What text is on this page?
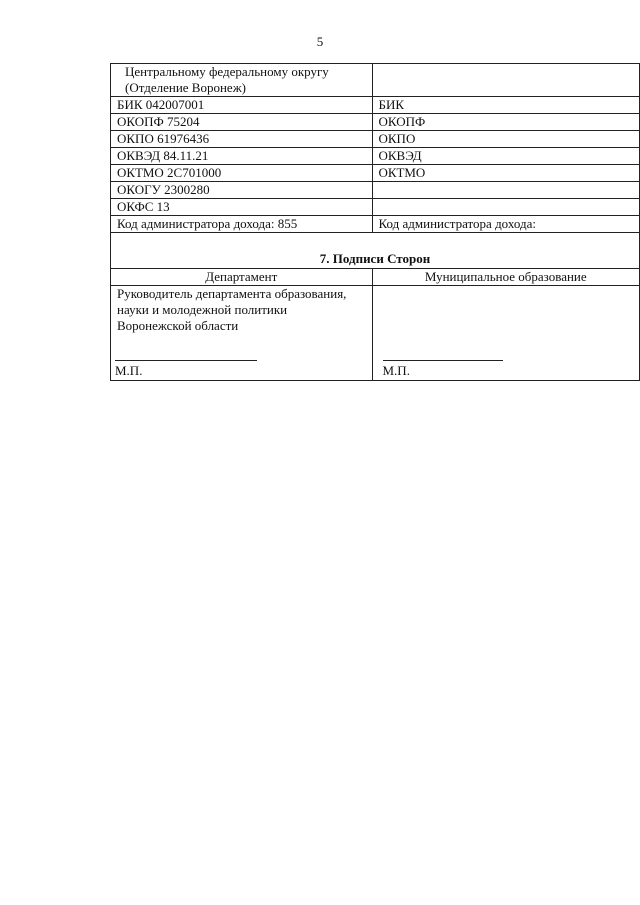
5
Центральному федеральному округу
(Отделение Воронеж)	
БИК 042007001	БИК
ОКОПФ 75204	ОКОПФ
ОКПО 61976436	ОКПО
ОКВЭД 84.11.21	ОКВЭД
ОКТМО 2С701000	ОКТМО
ОКОГУ 2300280	
ОКФС 13	
Код администратора дохода: 855	Код администратора дохода:
7. Подписи Сторон	
Департамент	Муниципальное образование

Руководитель департамента образования,
науки и молодежной политики
Воронежской области
М.П.	М.П.
